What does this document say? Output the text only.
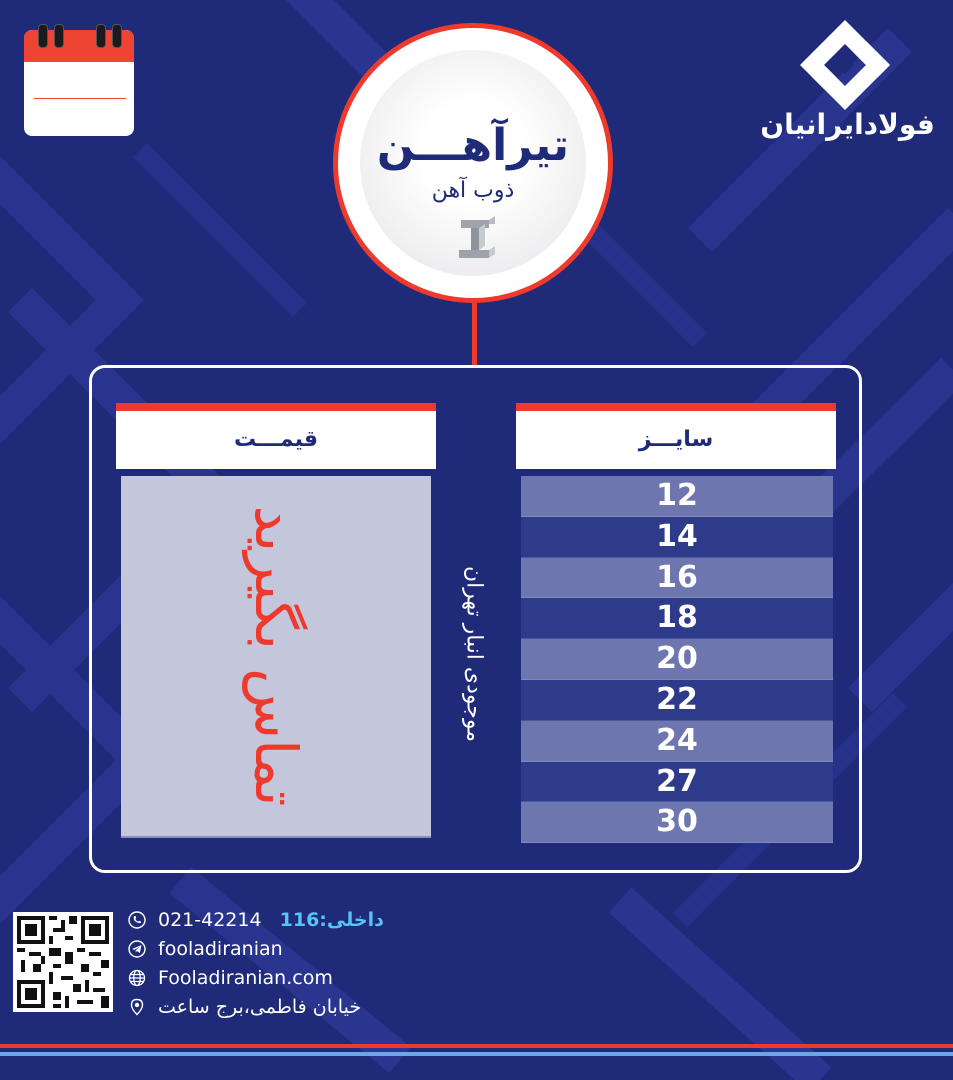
فولادایرانیان
تیرآهـــن
ذوب آهن
قیمـــت	سایـــز
تماس بگیرید	موجودی انبار تهران
12
14
16
18
20
22
24
27
30
021-42214 داخلی:116
fooladiranian
Fooladiranian.com
خیابان فاطمی،برج ساعت
